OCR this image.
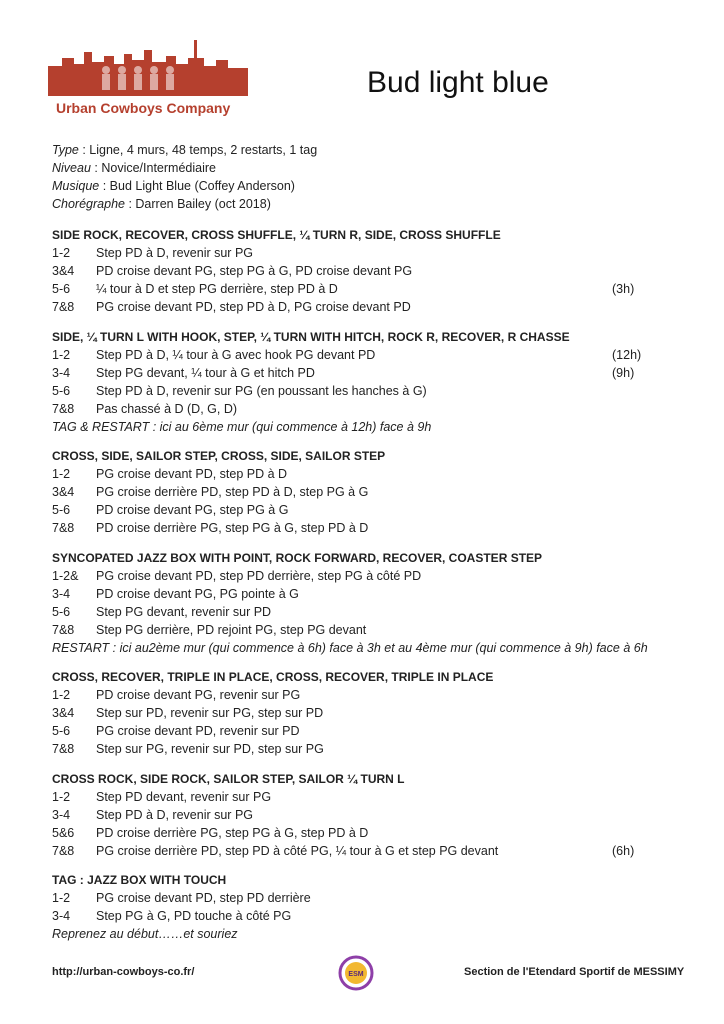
Urban Cowboys Company
Bud light blue
Type : Ligne, 4 murs, 48 temps, 2 restarts, 1 tag
Niveau : Novice/Intermédiaire
Musique : Bud Light Blue (Coffey Anderson)
Chorégraphe : Darren Bailey (oct 2018)
SIDE ROCK, RECOVER, CROSS SHUFFLE, ¼ TURN R, SIDE, CROSS SHUFFLE
1-2	Step PD à D, revenir sur PG
3&4	PD croise devant PG, step PG à G, PD croise devant PG
5-6	¼ tour à D et step PG derrière, step PD à D	(3h)
7&8	PG croise devant PD, step PD à D, PG croise devant PD
SIDE, ¼ TURN L WITH HOOK, STEP, ¼ TURN WITH HITCH, ROCK R, RECOVER, R CHASSE
1-2	Step PD à D, ¼ tour à G avec hook PG devant PD	(12h)
3-4	Step PG devant, ¼ tour à G et hitch PD	(9h)
5-6	Step PD à D, revenir sur PG (en poussant les hanches à G)
7&8	Pas chassé à D (D, G, D)
TAG & RESTART : ici au 6ème mur (qui commence à 12h) face à 9h
CROSS, SIDE, SAILOR STEP, CROSS, SIDE, SAILOR STEP
1-2	PG croise devant PD, step PD à D
3&4	PG croise derrière PD, step PD à D, step PG à G
5-6	PD croise devant PG, step PG à G
7&8	PD croise derrière PG, step PG à G, step PD à D
SYNCOPATED JAZZ BOX WITH POINT, ROCK FORWARD, RECOVER, COASTER STEP
1-2&	PG croise devant PD, step PD derrière, step PG à côté PD
3-4	PD croise devant PG, PG pointe à G
5-6	Step PG devant, revenir sur PD
7&8	Step PG derrière, PD rejoint PG, step PG devant
RESTART : ici au2ème mur (qui commence à 6h) face à 3h et au 4ème mur (qui commence à 9h) face à 6h
CROSS, RECOVER, TRIPLE IN PLACE, CROSS, RECOVER, TRIPLE IN PLACE
1-2	PD croise devant PG, revenir sur PG
3&4	Step sur PD, revenir sur PG, step sur PD
5-6	PG croise devant PD, revenir sur PD
7&8	Step sur PG, revenir sur PD, step sur PG
CROSS ROCK, SIDE ROCK, SAILOR STEP, SAILOR ¼ TURN L
1-2	Step PD devant, revenir sur PG
3-4	Step PD à D, revenir sur PG
5&6	PD croise derrière PG, step PG à G, step PD à D
7&8	PG croise derrière PD, step PD à côté PG, ¼ tour à G et step PG devant	(6h)
TAG : JAZZ BOX WITH TOUCH
1-2	PG croise devant PD, step PD derrière
3-4	Step PG à G, PD touche à côté PG
Reprenez au début……et souriez
http://urban-cowboys-co.fr/	ESM	Section de l'Etendard Sportif de MESSIMY
